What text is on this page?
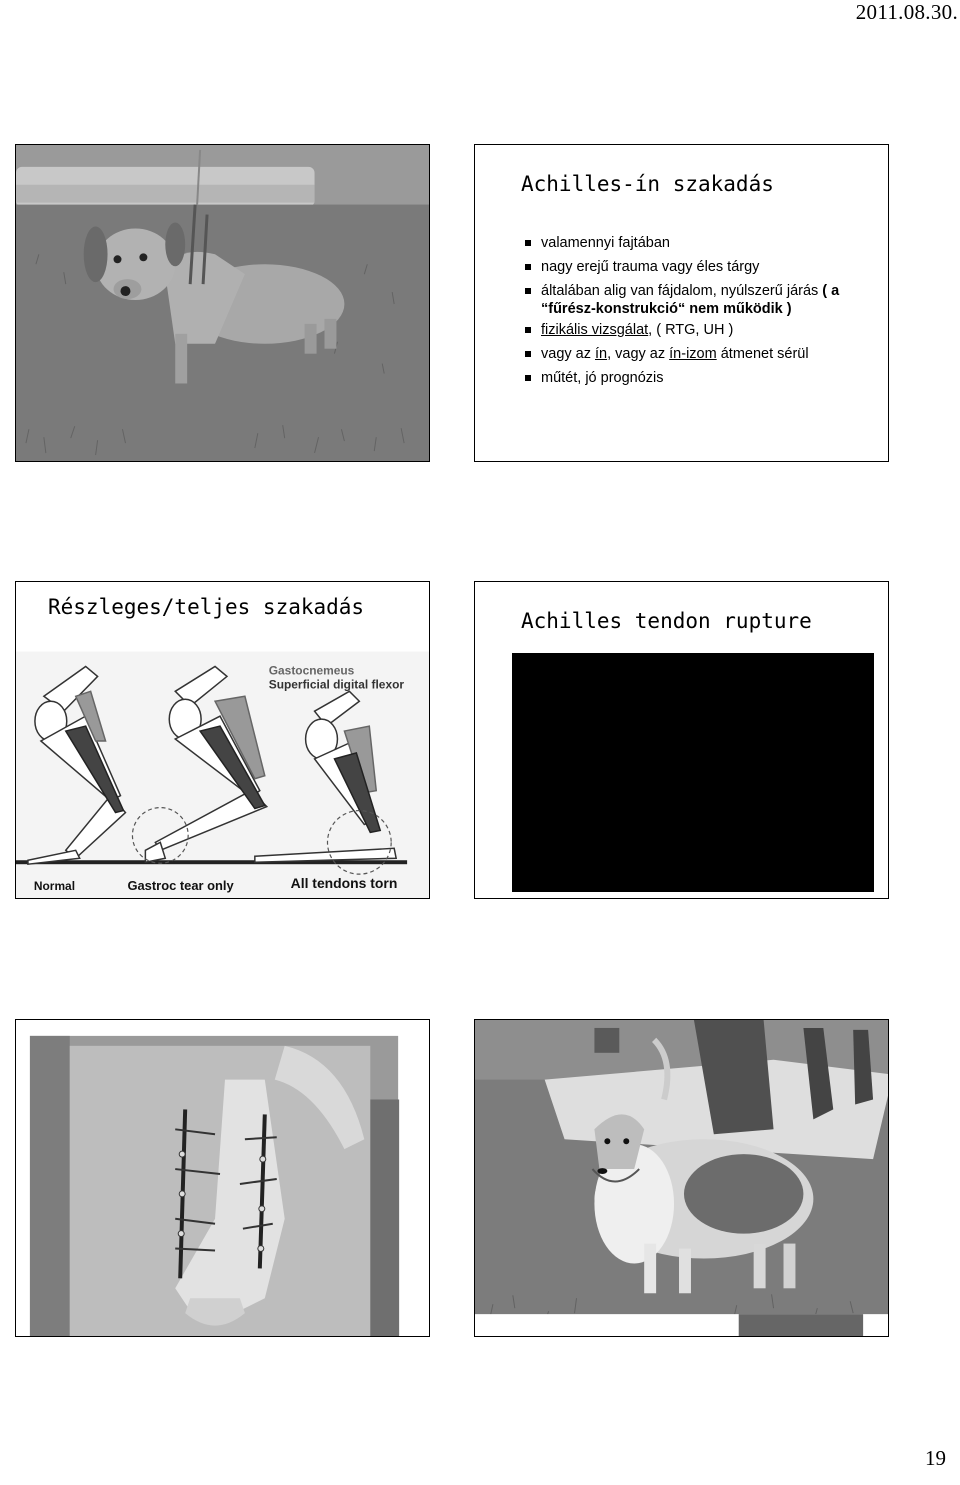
2011.08.30.
Achilles-ín szakadás
valamennyi fajtában
nagy erejű trauma vagy éles tárgy
általában alig van fájdalom, nyúlszerű járás ( a
“fűrész-konstrukció“ nem működik )
fizikális vizsgálat, ( RTG, UH )
vagy az ín, vagy az ín-izom átmenet sérül
műtét, jó prognózis
Részleges/teljes szakadás
Gastocnemeus
Superficial digital flexor
Normal	Gastroc tear only	All tendons torn
Achilles tendon rupture
19
